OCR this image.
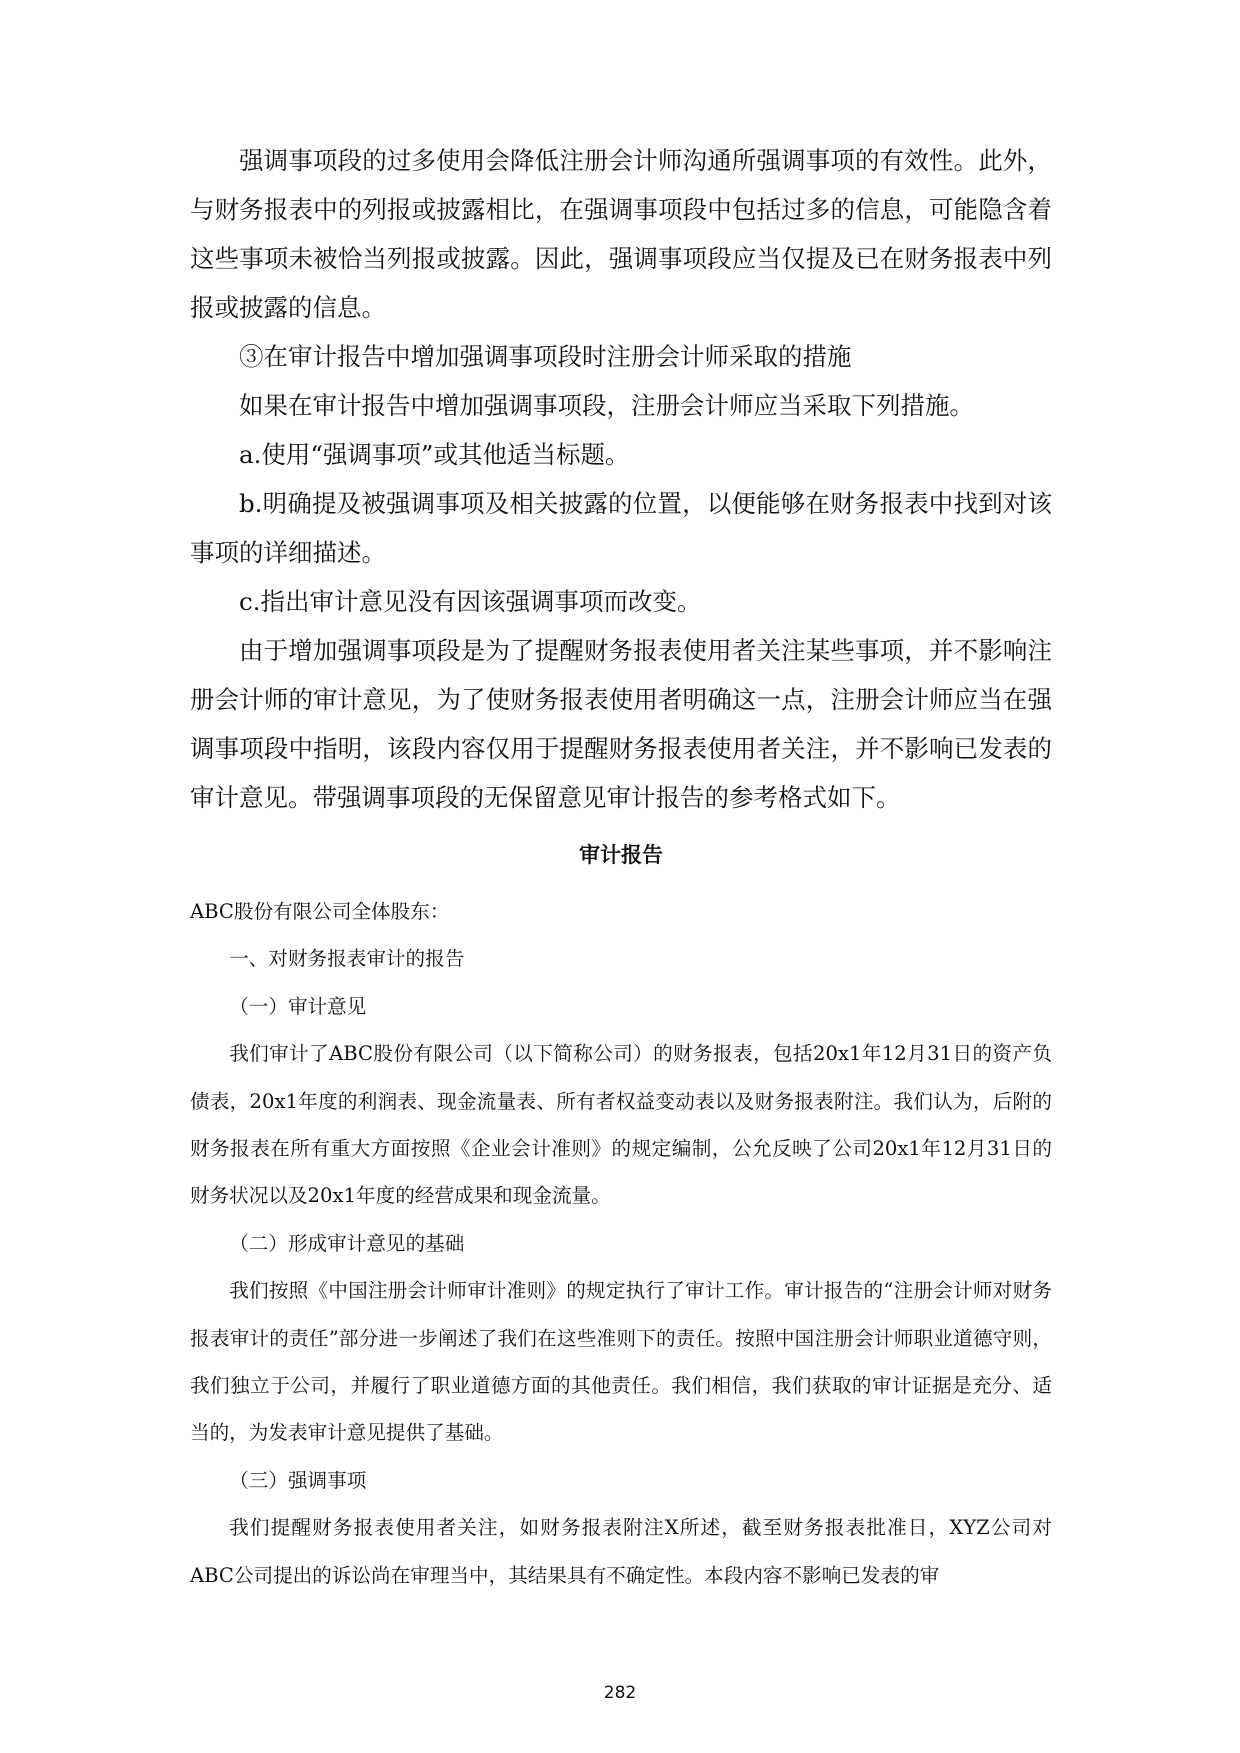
强调事项段的过多使用会降低注册会计师沟通所强调事项的有效性。此外，与财务报表中的列报或披露相比，在强调事项段中包括过多的信息，可能隐含着这些事项未被恰当列报或披露。因此，强调事项段应当仅提及已在财务报表中列报或披露的信息。

③在审计报告中增加强调事项段时注册会计师采取的措施

如果在审计报告中增加强调事项段，注册会计师应当采取下列措施。

a.使用“强调事项”或其他适当标题。

b.明确提及被强调事项及相关披露的位置，以便能够在财务报表中找到对该事项的详细描述。

c.指出审计意见没有因该强调事项而改变。

由于增加强调事项段是为了提醒财务报表使用者关注某些事项，并不影响注册会计师的审计意见，为了使财务报表使用者明确这一点，注册会计师应当在强调事项段中指明，该段内容仅用于提醒财务报表使用者关注，并不影响已发表的审计意见。带强调事项段的无保留意见审计报告的参考格式如下。

审计报告

ABC股份有限公司全体股东：

一、对财务报表审计的报告

（一）审计意见

我们审计了ABC股份有限公司（以下简称公司）的财务报表，包括20x1年12月31日的资产负债表，20x1年度的利润表、现金流量表、所有者权益变动表以及财务报表附注。我们认为，后附的财务报表在所有重大方面按照《企业会计准则》的规定编制，公允反映了公司20x1年12月31日的财务状况以及20x1年度的经营成果和现金流量。

（二）形成审计意见的基础

我们按照《中国注册会计师审计准则》的规定执行了审计工作。审计报告的“注册会计师对财务报表审计的责任”部分进一步阐述了我们在这些准则下的责任。按照中国注册会计师职业道德守则，我们独立于公司，并履行了职业道德方面的其他责任。我们相信，我们获取的审计证据是充分、适当的，为发表审计意见提供了基础。

（三）强调事项

我们提醒财务报表使用者关注，如财务报表附注X所述，截至财务报表批准日，XYZ公司对ABC公司提出的诉讼尚在审理当中，其结果具有不确定性。本段内容不影响已发表的审

282
